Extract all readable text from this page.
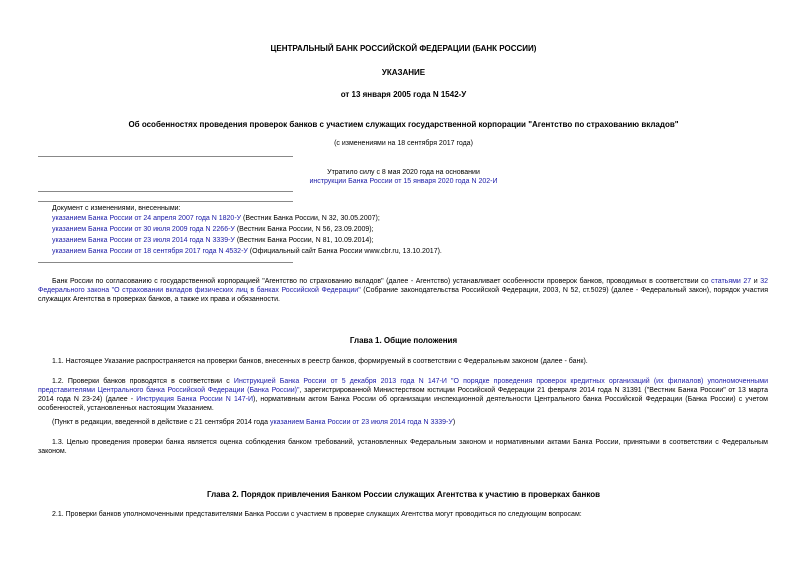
ЦЕНТРАЛЬНЫЙ БАНК РОССИЙСКОЙ ФЕДЕРАЦИИ (БАНК РОССИИ)
УКАЗАНИЕ
от 13 января 2005 года N 1542-У
Об особенностях проведения проверок банков с участием служащих государственной корпорации "Агентство по страхованию вкладов"
(с изменениями на 18 сентября 2017 года)
Утратило силу с 8 мая 2020 года на основании
инструкции Банка России от 15 января 2020 года N 202-И
Документ с изменениями, внесенными:
указанием Банка России от 24 апреля 2007 года N 1820-У (Вестник Банка России, N 32, 30.05.2007);
указанием Банка России от 30 июля 2009 года N 2266-У (Вестник Банка России, N 56, 23.09.2009);
указанием Банка России от 23 июля 2014 года N 3339-У (Вестник Банка России, N 81, 10.09.2014);
указанием Банка России от 18 сентября 2017 года N 4532-У (Официальный сайт Банка России www.cbr.ru, 13.10.2017).
Банк России по согласованию с государственной корпорацией "Агентство по страхованию вкладов" (далее - Агентство) устанавливает особенности проверок банков, проводимых в соответствии со статьями 27 и 32 Федерального закона "О страховании вкладов физических лиц в банках Российской Федерации" (Собрание законодательства Российской Федерации, 2003, N 52, ст.5029) (далее - Федеральный закон), порядок участия служащих Агентства в проверках банков, а также их права и обязанности.
Глава 1. Общие положения
1.1. Настоящее Указание распространяется на проверки банков, внесенных в реестр банков, формируемый в соответствии с Федеральным законом (далее - банк).
1.2. Проверки банков проводятся в соответствии с Инструкцией Банка России от 5 декабря 2013 года N 147-И "О порядке проведения проверок кредитных организаций (их филиалов) уполномоченными представителями Центрального банка Российской Федерации (Банка России)", зарегистрированной Министерством юстиции Российской Федерации 21 февраля 2014 года N 31391 ("Вестник Банка России" от 13 марта 2014 года N 23-24) (далее - Инструкция Банка России N 147-И), нормативным актом Банка России об организации инспекционной деятельности Центрального банка Российской Федерации (Банка России) с учетом особенностей, установленных настоящим Указанием.
(Пункт в редакции, введенной в действие с 21 сентября 2014 года указанием Банка России от 23 июля 2014 года N 3339-У)
1.3. Целью проведения проверки банка является оценка соблюдения банком требований, установленных Федеральным законом и нормативными актами Банка России, принятыми в соответствии с Федеральным законом.
Глава 2. Порядок привлечения Банком России служащих Агентства к участию в проверках банков
2.1. Проверки банков уполномоченными представителями Банка России с участием в проверке служащих Агентства могут проводиться по следующим вопросам:
